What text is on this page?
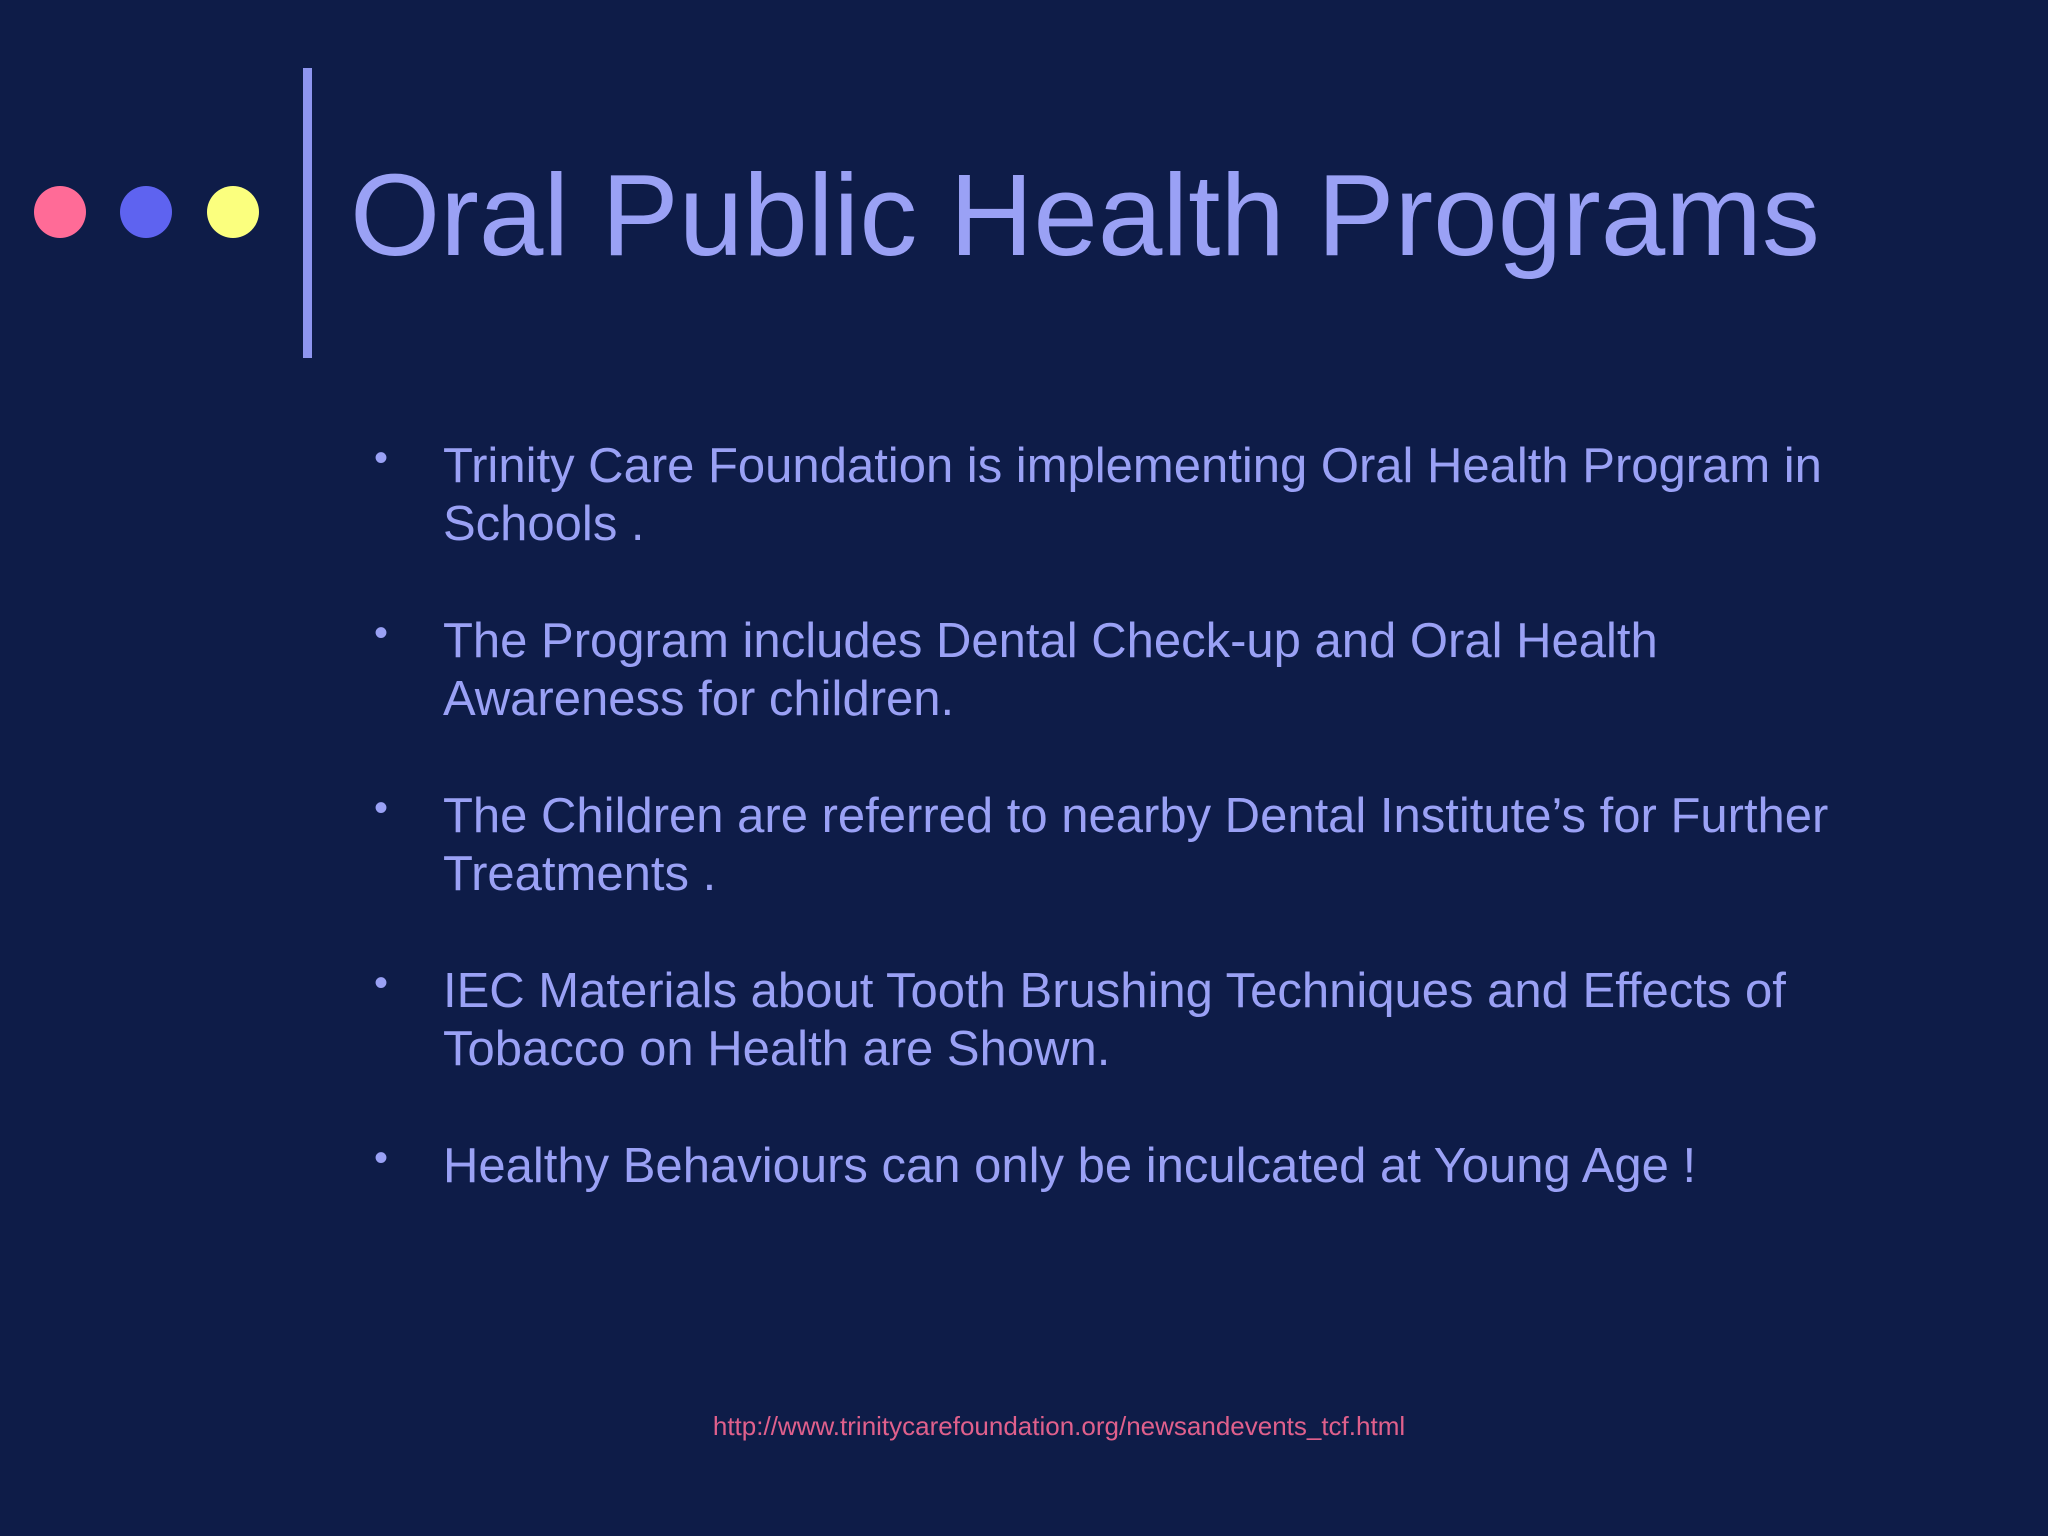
Oral Public Health Programs
• Trinity Care Foundation is implementing Oral Health Program in Schools .
• The Program includes Dental Check-up and Oral Health Awareness for children.
• The Children are referred to nearby Dental Institute’s for Further Treatments .
• IEC Materials about Tooth Brushing Techniques and Effects of Tobacco on Health are Shown.
• Healthy Behaviours can only be inculcated at Young Age !
http://www.trinitycarefoundation.org/newsandevents_tcf.html
